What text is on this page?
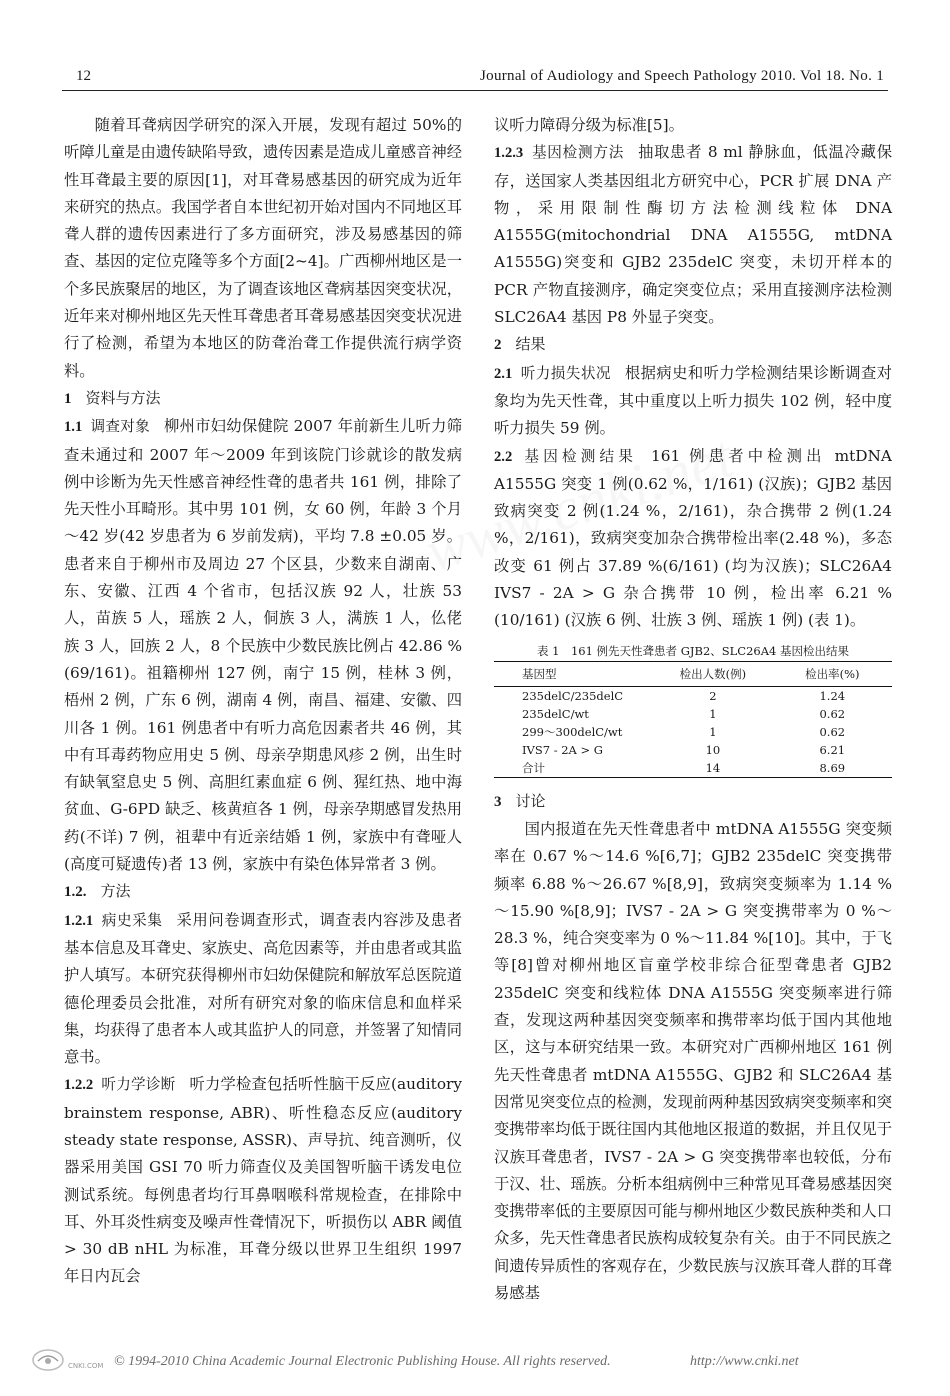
12	Journal of Audiology and Speech Pathology 2010. Vol 18. No. 1

随着耳聋病因学研究的深入开展，发现有超过 50%的听障儿童是由遗传缺陷导致，遗传因素是造成儿童感音神经性耳聋最主要的原因[1]，对耳聋易感基因的研究成为近年来研究的热点。我国学者自本世纪初开始对国内不同地区耳聋人群的遗传因素进行了多方面研究，涉及易感基因的筛查、基因的定位克隆等多个方面[2~4]。广西柳州地区是一个多民族聚居的地区，为了调查该地区聋病基因突变状况，近年来对柳州地区先天性耳聋患者耳聋易感基因突变状况进行了检测，希望为本地区的防聋治聋工作提供流行病学资料。

1 资料与方法

1.1 调查对象 柳州市妇幼保健院 2007 年前新生儿听力筛查未通过和 2007 年～2009 年到该院门诊就诊的散发病例中诊断为先天性感音神经性聋的患者共 161 例，排除了先天性小耳畸形。其中男 101 例，女 60 例，年龄 3 个月～42 岁(42 岁患者为 6 岁前发病)，平均 7.8 ±0.05 岁。患者来自于柳州市及周边 27 个区县，少数来自湖南、广东、安徽、江西 4 个省市，包括汉族 92 人，壮族 53 人，苗族 5 人，瑶族 2 人，侗族 3 人，满族 1 人，仫佬族 3 人，回族 2 人，8 个民族中少数民族比例占 42.86 %(69/161)。祖籍柳州 127 例，南宁 15 例，桂林 3 例，梧州 2 例，广东 6 例，湖南 4 例，南昌、福建、安徽、四川各 1 例。161 例患者中有听力高危因素者共 46 例，其中有耳毒药物应用史 5 例、母亲孕期患风疹 2 例，出生时有缺氧窒息史 5 例、高胆红素血症 6 例、猩红热、地中海贫血、G-6PD 缺乏、核黄疸各 1 例，母亲孕期感冒发热用药(不详) 7 例，祖辈中有近亲结婚 1 例，家族中有聋哑人(高度可疑遗传)者 13 例，家族中有染色体异常者 3 例。

1.2. 方法

1.2.1 病史采集 采用问卷调查形式，调查表内容涉及患者基本信息及耳聋史、家族史、高危因素等，并由患者或其监护人填写。本研究获得柳州市妇幼保健院和解放军总医院道德伦理委员会批准，对所有研究对象的临床信息和血样采集，均获得了患者本人或其监护人的同意，并签署了知情同意书。

1.2.2 听力学诊断 听力学检查包括听性脑干反应(auditory brainstem response, ABR)、听性稳态反应(auditory steady state response, ASSR)、声导抗、纯音测听，仪器采用美国 GSI 70 听力筛查仪及美国智听脑干诱发电位测试系统。每例患者均行耳鼻咽喉科常规检查，在排除中耳、外耳炎性病变及噪声性聋情况下，听损伤以 ABR 阈值 > 30 dB nHL 为标准，耳聋分级以世界卫生组织 1997 年日内瓦会

议听力障碍分级为标准[5]。

1.2.3 基因检测方法 抽取患者 8 ml 静脉血，低温冷藏保存，送国家人类基因组北方研究中心，PCR 扩展 DNA 产物，采用限制性酶切方法检测线粒体 DNA A1555G(mitochondrial DNA A1555G, mtDNA A1555G)突变和 GJB2 235delC 突变，未切开样本的 PCR 产物直接测序，确定突变位点；采用直接测序法检测 SLC26A4 基因 P8 外显子突变。

2 结果

2.1 听力损失状况 根据病史和听力学检测结果诊断调查对象均为先天性聋，其中重度以上听力损失 102 例，轻中度听力损失 59 例。

2.2 基因检测结果 161 例患者中检测出 mtDNA A1555G 突变 1 例(0.62 %，1/161) (汉族)；GJB2 基因致病突变 2 例(1.24 %，2/161)，杂合携带 2 例(1.24 %，2/161)，致病突变加杂合携带检出率(2.48 %)，多态改变 61 例占 37.89 %(6/161) (均为汉族)；SLC26A4 IVS7 - 2A > G 杂合携带 10 例，检出率 6.21 %(10/161) (汉族 6 例、壮族 3 例、瑶族 1 例) (表 1)。

表 1　161 例先天性聋患者 GJB2、SLC26A4 基因检出结果
基因型	检出人数(例)	检出率(%)
235delC/235delC	2	1.24
235delC/wt	1	0.62
299～300delC/wt	1	0.62
IVS7 - 2A > G	10	6.21
合计	14	8.69

3 讨论

国内报道在先天性聋患者中 mtDNA A1555G 突变频率在 0.67 %～14.6 %[6,7]；GJB2 235delC 突变携带频率 6.88 %～26.67 %[8,9]，致病突变频率为 1.14 %～15.90 %[8,9]；IVS7 - 2A > G 突变携带率为 0 %～28.3 %，纯合突变率为 0 %～11.84 %[10]。其中，于飞等[8]曾对柳州地区盲童学校非综合征型聋患者 GJB2 235delC 突变和线粒体 DNA A1555G 突变频率进行筛查，发现这两种基因突变频率和携带率均低于国内其他地区，这与本研究结果一致。本研究对广西柳州地区 161 例先天性聋患者 mtDNA A1555G、GJB2 和 SLC26A4 基因常见突变位点的检测，发现前两种基因致病突变频率和突变携带率均低于既往国内其他地区报道的数据，并且仅见于汉族耳聋患者，IVS7 - 2A > G 突变携带率也较低，分布于汉、壮、瑶族。分析本组病例中三种常见耳聋易感基因突变携带率低的主要原因可能与柳州地区少数民族种类和人口众多，先天性聋患者民族构成较复杂有关。由于不同民族之间遗传异质性的客观存在，少数民族与汉族耳聋人群的耳聋易感基

CNKI.COM © 1994-2010 China Academic Journal Electronic Publishing House. All rights reserved.	http://www.cnki.net
